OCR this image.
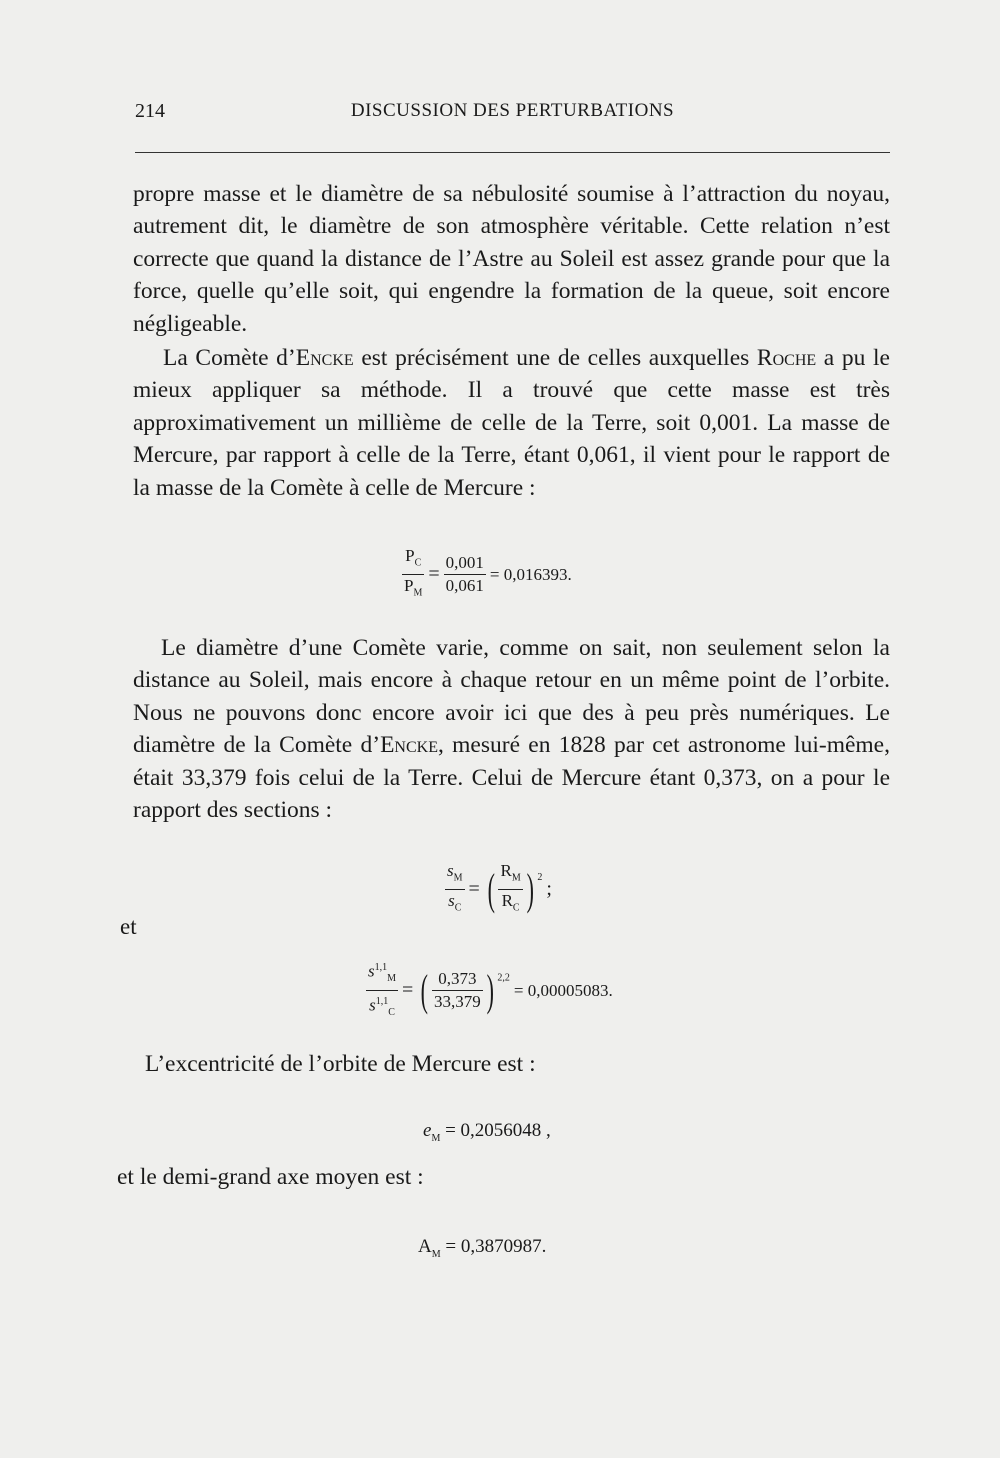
214	DISCUSSION DES PERTURBATIONS

propre masse et le diamètre de sa nébulosité soumise à l’attraction du noyau, autrement dit, le diamètre de son atmosphère véritable. Cette relation n’est correcte que quand la distance de l’Astre au Soleil est assez grande pour que la force, quelle qu’elle soit, qui engendre la formation de la queue, soit encore négligeable.

La Comète d’Encke est précisément une de celles auxquelles Roche a pu le mieux appliquer sa méthode. Il a trouvé que cette masse est très approximativement un millième de celle de la Terre, soit 0,001. La masse de Mercure, par rapport à celle de la Terre, étant 0,061, il vient pour le rapport de la masse de la Comète à celle de Mercure :

$\frac{P_C}{P_M} = \frac{0,001}{0,061} = 0,016393$.

Le diamètre d’une Comète varie, comme on sait, non seulement selon la distance au Soleil, mais encore à chaque retour en un même point de l’orbite. Nous ne pouvons donc encore avoir ici que des à peu près numériques. Le diamètre de la Comète d’Encke, mesuré en 1828 par cet astronome lui-même, était 33,379 fois celui de la Terre. Celui de Mercure étant 0,373, on a pour le rapport des sections :

$\frac{s_M}{s_C}$ = ( $\frac{R_M}{R_C}$ ) $^2$;
et
$\frac{s^{1,1}_M}{s^{1,1}_C}$ = ( $\frac{0,373}{33,379}$ ) $^{2,2}$= 0,00005083.

L’excentricité de l’orbite de Mercure est :

$e_M = 0,2056048$ ,

et le demi-grand axe moyen est :

$A_M = 0,3870987$.
